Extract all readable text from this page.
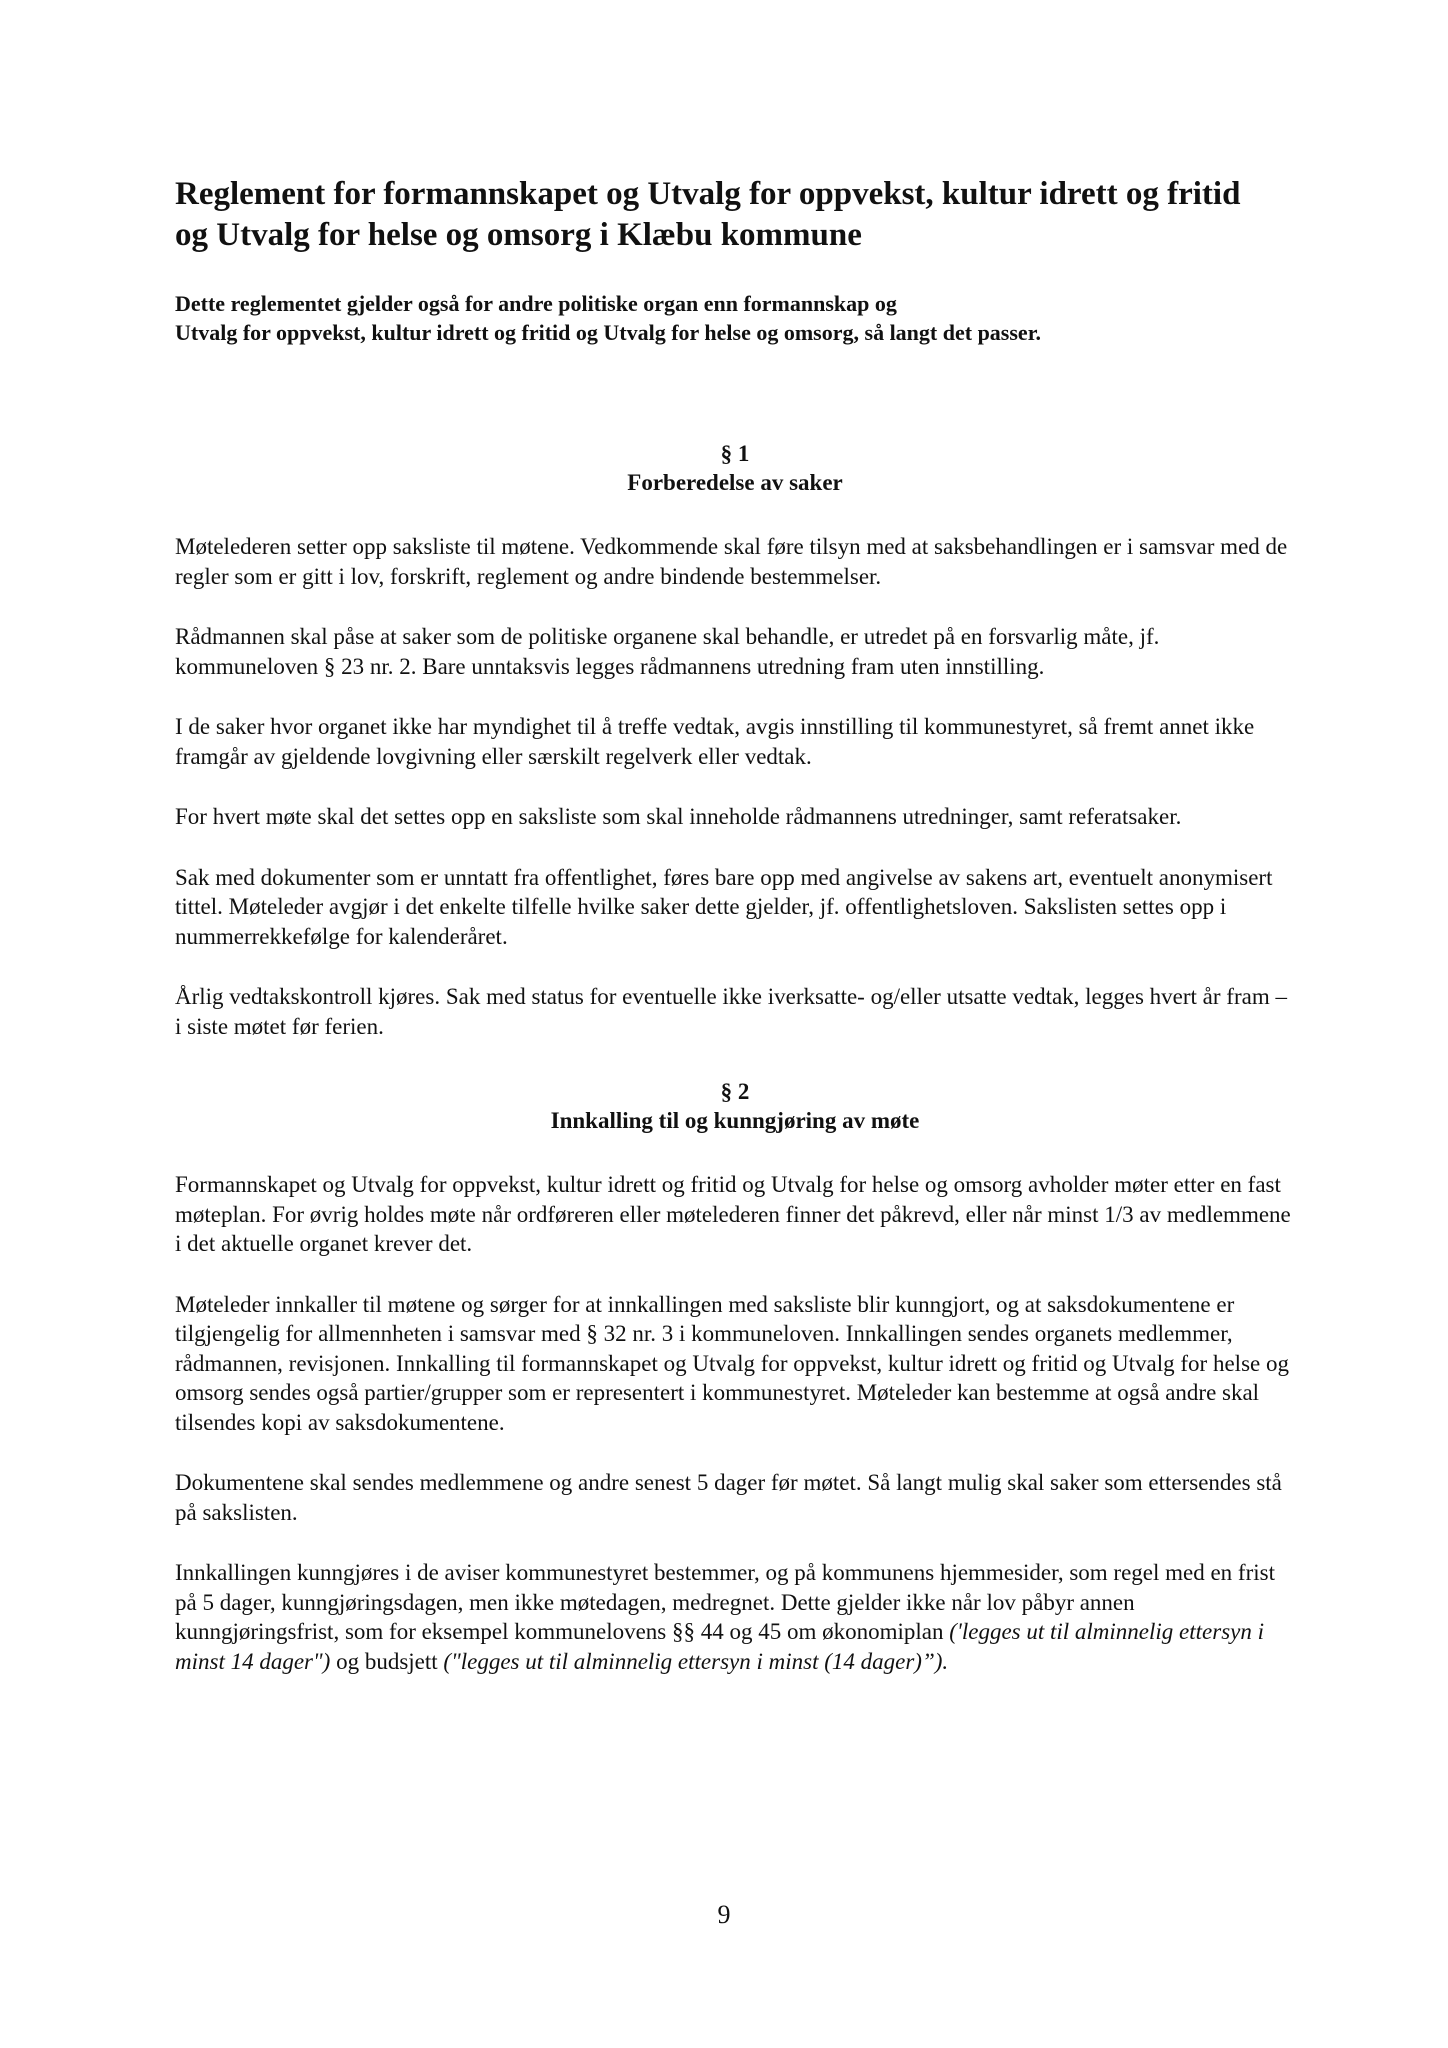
Reglement for formannskapet og Utvalg for oppvekst, kultur idrett og fritid
og Utvalg for helse og omsorg i Klæbu kommune

Dette reglementet gjelder også for andre politiske organ enn formannskap og
Utvalg for oppvekst, kultur idrett og fritid og Utvalg for helse og omsorg, så langt det passer.

§ 1
Forberedelse av saker

Møtelederen setter opp saksliste til møtene. Vedkommende skal føre tilsyn med at saksbehandlingen er i samsvar med de regler som er gitt i lov, forskrift, reglement og andre bindende bestemmelser.

Rådmannen skal påse at saker som de politiske organene skal behandle, er utredet på en forsvarlig måte, jf. kommuneloven § 23 nr. 2. Bare unntaksvis legges rådmannens utredning fram uten innstilling.

I de saker hvor organet ikke har myndighet til å treffe vedtak, avgis innstilling til kommunestyret, så fremt annet ikke framgår av gjeldende lovgivning eller særskilt regelverk eller vedtak.

For hvert møte skal det settes opp en saksliste som skal inneholde rådmannens utredninger, samt referatsaker.

Sak med dokumenter som er unntatt fra offentlighet, føres bare opp med angivelse av sakens art, eventuelt anonymisert tittel. Møteleder avgjør i det enkelte tilfelle hvilke saker dette gjelder, jf. offentlighetsloven. Sakslisten settes opp i nummerrekkefølge for kalenderåret.

Årlig vedtakskontroll kjøres. Sak med status for eventuelle ikke iverksatte- og/eller utsatte vedtak, legges hvert år fram – i siste møtet før ferien.

§ 2
Innkalling til og kunngjøring av møte

Formannskapet og Utvalg for oppvekst, kultur idrett og fritid og Utvalg for helse og omsorg avholder møter etter en fast møteplan. For øvrig holdes møte når ordføreren eller møtelederen finner det påkrevd, eller når minst 1/3 av medlemmene i det aktuelle organet krever det.

Møteleder innkaller til møtene og sørger for at innkallingen med saksliste blir kunngjort, og at saksdokumentene er tilgjengelig for allmennheten i samsvar med § 32 nr. 3 i kommuneloven. Innkallingen sendes organets medlemmer, rådmannen, revisjonen. Innkalling til formannskapet og Utvalg for oppvekst, kultur idrett og fritid og Utvalg for helse og omsorg sendes også partier/grupper som er representert i kommunestyret. Møteleder kan bestemme at også andre skal tilsendes kopi av saksdokumentene.

Dokumentene skal sendes medlemmene og andre senest 5 dager før møtet. Så langt mulig skal saker som ettersendes stå på sakslisten.

Innkallingen kunngjøres i de aviser kommunestyret bestemmer, og på kommunens hjemmesider, som regel med en frist på 5 dager, kunngjøringsdagen, men ikke møtedagen, medregnet. Dette gjelder ikke når lov påbyr annen kunngjøringsfrist, som for eksempel kommunelovens §§ 44 og 45 om økonomiplan ('legges ut til alminnelig ettersyn i minst 14 dager") og budsjett ("legges ut til alminnelig ettersyn i minst (14 dager)”).

9
